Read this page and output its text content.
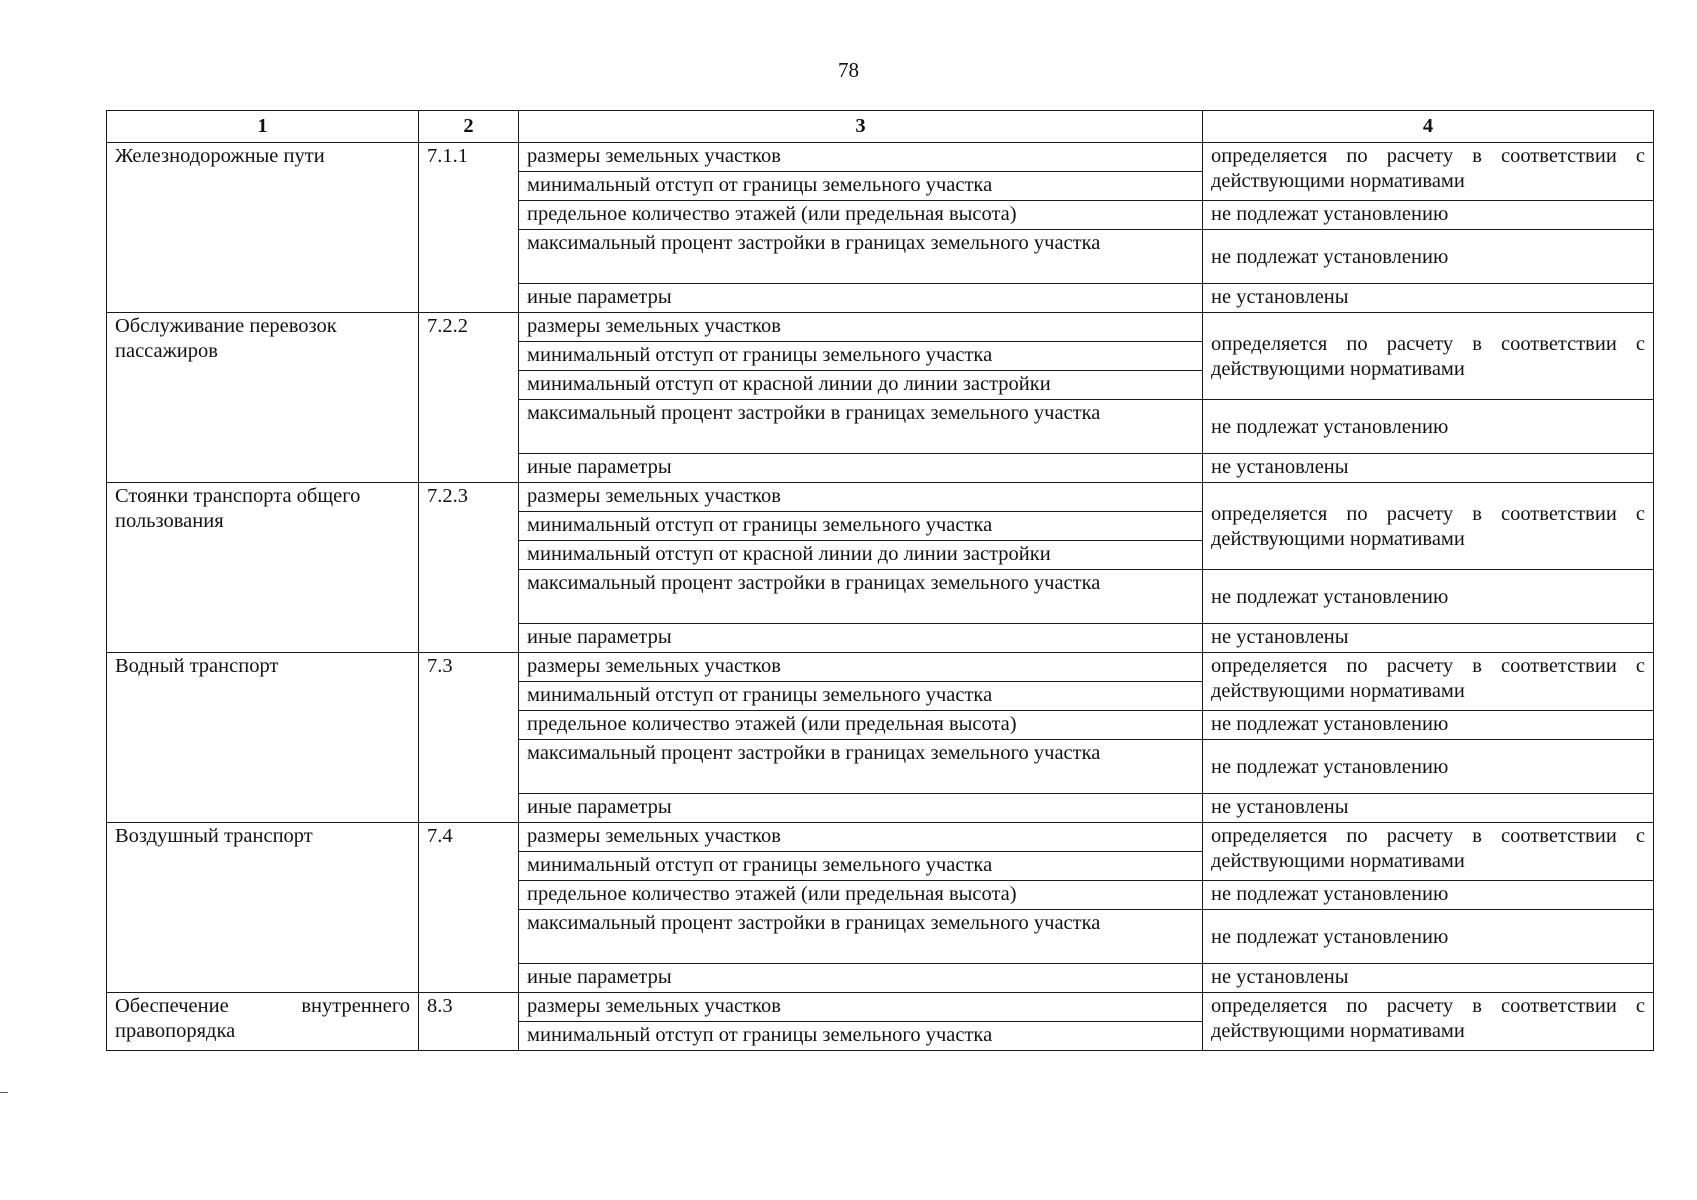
78
1	2	3	4
Железнодорожные пути	7.1.1	размеры земельных участков	определяется по расчету в соответствии с действующими нормативами
		минимальный отступ от границы земельного участка	
		предельное количество этажей (или предельная высота)	не подлежат установлению
		максимальный процент застройки в границах земельного участка	не подлежат установлению
		иные параметры	не установлены
Обслуживание перевозок пассажиров	7.2.2	размеры земельных участков	определяется по расчету в соответствии с действующими нормативами
		минимальный отступ от границы земельного участка	
		минимальный отступ от красной линии до линии застройки	
		максимальный процент застройки в границах земельного участка	не подлежат установлению
		иные параметры	не установлены
Стоянки транспорта общего пользования	7.2.3	размеры земельных участков	определяется по расчету в соответствии с действующими нормативами
		минимальный отступ от границы земельного участка	
		минимальный отступ от красной линии до линии застройки	
		максимальный процент застройки в границах земельного участка	не подлежат установлению
		иные параметры	не установлены
Водный транспорт	7.3	размеры земельных участков	определяется по расчету в соответствии с действующими нормативами
		минимальный отступ от границы земельного участка	
		предельное количество этажей (или предельная высота)	не подлежат установлению
		максимальный процент застройки в границах земельного участка	не подлежат установлению
		иные параметры	не установлены
Воздушный транспорт	7.4	размеры земельных участков	определяется по расчету в соответствии с действующими нормативами
		минимальный отступ от границы земельного участка	
		предельное количество этажей (или предельная высота)	не подлежат установлению
		максимальный процент застройки в границах земельного участка	не подлежат установлению
		иные параметры	не установлены
Обеспечение внутреннего правопорядка	8.3	размеры земельных участков	определяется по расчету в соответствии с действующими нормативами
		минимальный отступ от границы земельного участка	
